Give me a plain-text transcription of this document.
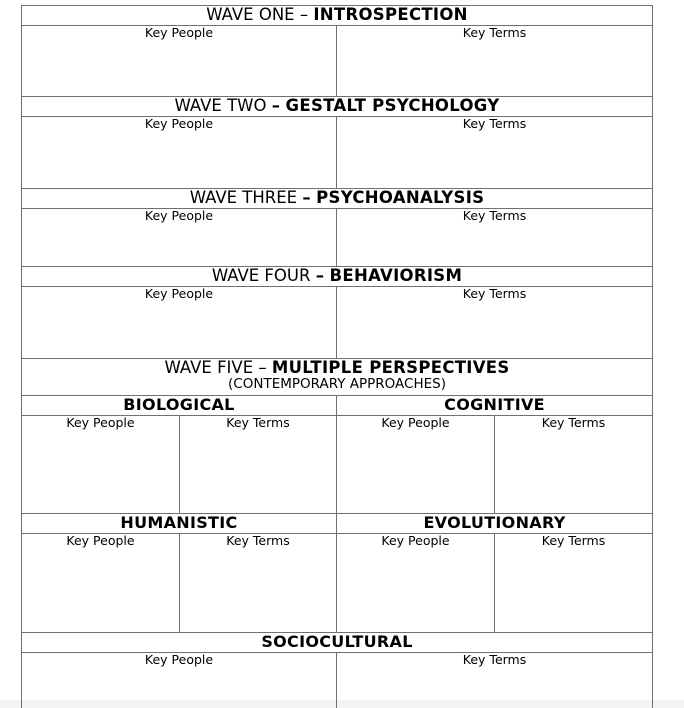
WAVE ONE – INTROSPECTION			
Key People		Key Terms	
WAVE TWO – GESTALT PSYCHOLOGY			
Key People		Key Terms	
WAVE THREE – PSYCHOANALYSIS			
Key People		Key Terms	
WAVE FOUR – BEHAVIORISM			
Key People		Key Terms	
WAVE FIVE – MULTIPLE PERSPECTIVES
(CONTEMPORARY APPROACHES)			

BIOLOGICAL		COGNITIVE	
Key People	Key Terms	Key People	Key Terms
HUMANISTIC		EVOLUTIONARY	
Key People	Key Terms	Key People	Key Terms
SOCIOCULTURAL			
Key People		Key Terms	
